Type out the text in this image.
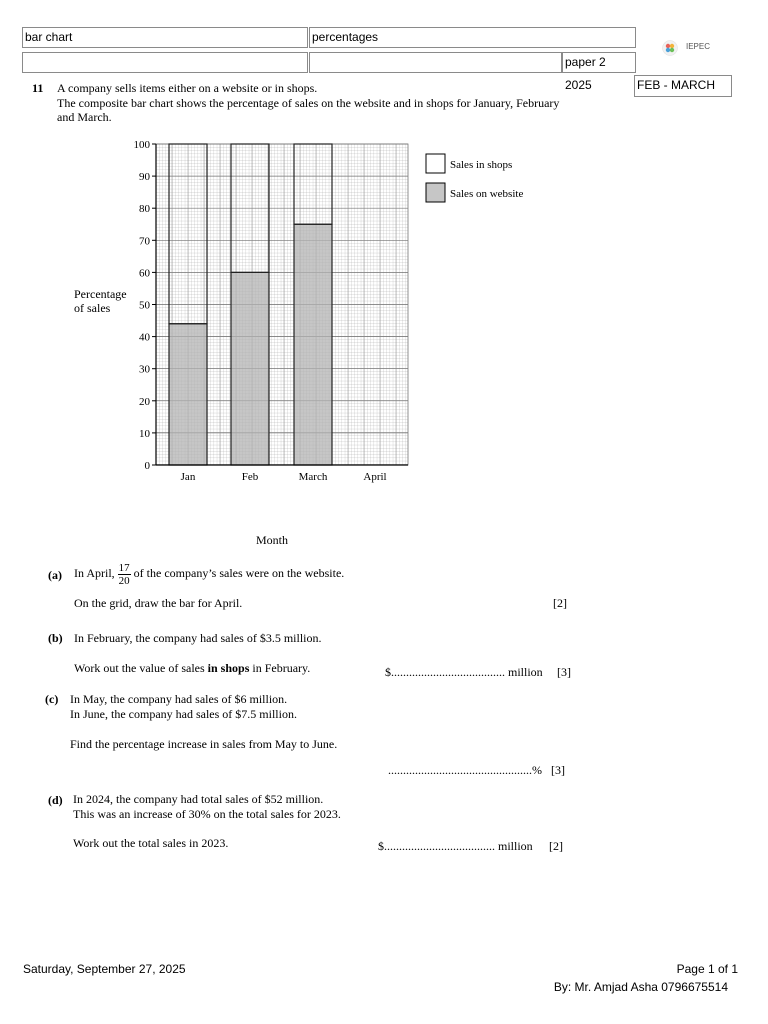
bar chart	percentages
paper 2
2025	FEB - MARCH
IEPEC
11 A company sells items either on a website or in shops.
The composite bar chart shows the percentage of sales on the website and in shops for January, February
and March.
Jan	Feb	March	April
0
10
20
30
40
50
60
70
80
90
100
Sales in shops
Sales on website
Percentage
of sales
Month
(a) In April, $\frac{17}{20}$ of the company’s sales were on the website.
On the grid, draw the bar for April.	[2]
(b) In February, the company had sales of $3.5 million.
Work out the value of sales in shops in February.	$...................................... million [3]
(c) In May, the company had sales of $6 million.
In June, the company had sales of $7.5 million.
Find the percentage increase in sales from May to June.
................................................% [3]
(d) In 2024, the company had total sales of $52 million.
This was an increase of 30% on the total sales for 2023.
Work out the total sales in 2023.	$..................................... million [2]
Saturday, September 27, 2025	Page 1 of 1
By: Mr. Amjad Asha 0796675514
